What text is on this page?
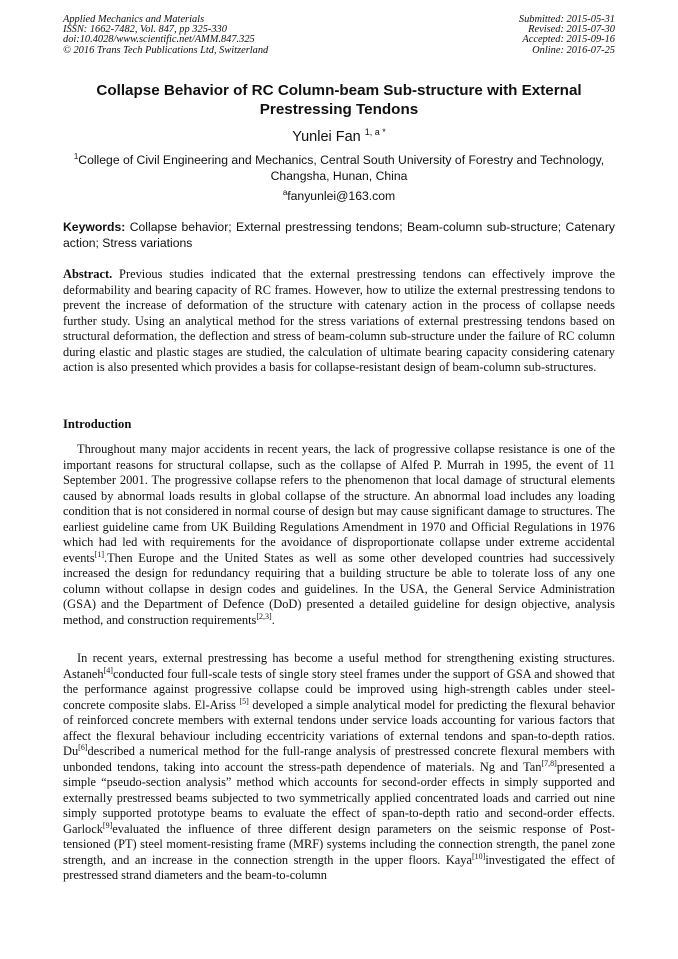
Applied Mechanics and Materials
ISSN: 1662-7482, Vol. 847, pp 325-330
doi:10.4028/www.scientific.net/AMM.847.325
© 2016 Trans Tech Publications Ltd, Switzerland
Submitted: 2015-05-31
Revised: 2015-07-30
Accepted: 2015-09-16
Online: 2016-07-25
Collapse Behavior of RC Column-beam Sub-structure with External Prestressing Tendons
Yunlei Fan $^{1, a *}$
$^1$College of Civil Engineering and Mechanics, Central South University of Forestry and Technology, Changsha, Hunan, China
$^a$fanyunlei@163.com
Keywords: Collapse behavior; External prestressing tendons; Beam-column sub-structure; Catenary action; Stress variations
Abstract. Previous studies indicated that the external prestressing tendons can effectively improve the deformability and bearing capacity of RC frames. However, how to utilize the external prestressing tendons to prevent the increase of deformation of the structure with catenary action in the process of collapse needs further study. Using an analytical method for the stress variations of external prestressing tendons based on structural deformation, the deflection and stress of beam-column sub-structure under the failure of RC column during elastic and plastic stages are studied, the calculation of ultimate bearing capacity considering catenary action is also presented which provides a basis for collapse-resistant design of beam-column sub-structures.
Introduction
Throughout many major accidents in recent years, the lack of progressive collapse resistance is one of the important reasons for structural collapse, such as the collapse of Alfed P. Murrah in 1995, the event of 11 September 2001. The progressive collapse refers to the phenomenon that local damage of structural elements caused by abnormal loads results in global collapse of the structure. An abnormal load includes any loading condition that is not considered in normal course of design but may cause significant damage to structures. The earliest guideline came from UK Building Regulations Amendment in 1970 and Official Regulations in 1976 which had led with requirements for the avoidance of disproportionate collapse under extreme accidental events[1].Then Europe and the United States as well as some other developed countries had successively increased the design for redundancy requiring that a building structure be able to tolerate loss of any one column without collapse in design codes and guidelines. In the USA, the General Service Administration (GSA) and the Department of Defence (DoD) presented a detailed guideline for design objective, analysis method, and construction requirements[2,3].
In recent years, external prestressing has become a useful method for strengthening existing structures. Astaneh[4]conducted four full-scale tests of single story steel frames under the support of GSA and showed that the performance against progressive collapse could be improved using high-strength cables under steel-concrete composite slabs. El-Ariss [5] developed a simple analytical model for predicting the flexural behavior of reinforced concrete members with external tendons under service loads accounting for various factors that affect the flexural behaviour including eccentricity variations of external tendons and span-to-depth ratios. Du[6]described a numerical method for the full-range analysis of prestressed concrete flexural members with unbonded tendons, taking into account the stress-path dependence of materials. Ng and Tan[7,8]presented a simple “pseudo-section analysis” method which accounts for second-order effects in simply supported and externally prestressed beams subjected to two symmetrically applied concentrated loads and carried out nine simply supported prototype beams to evaluate the effect of span-to-depth ratio and second-order effects. Garlock[9]evaluated the influence of three different design parameters on the seismic response of Post-tensioned (PT) steel moment-resisting frame (MRF) systems including the connection strength, the panel zone strength, and an increase in the connection strength in the upper floors. Kaya[10]investigated the effect of prestressed strand diameters and the beam-to-column
